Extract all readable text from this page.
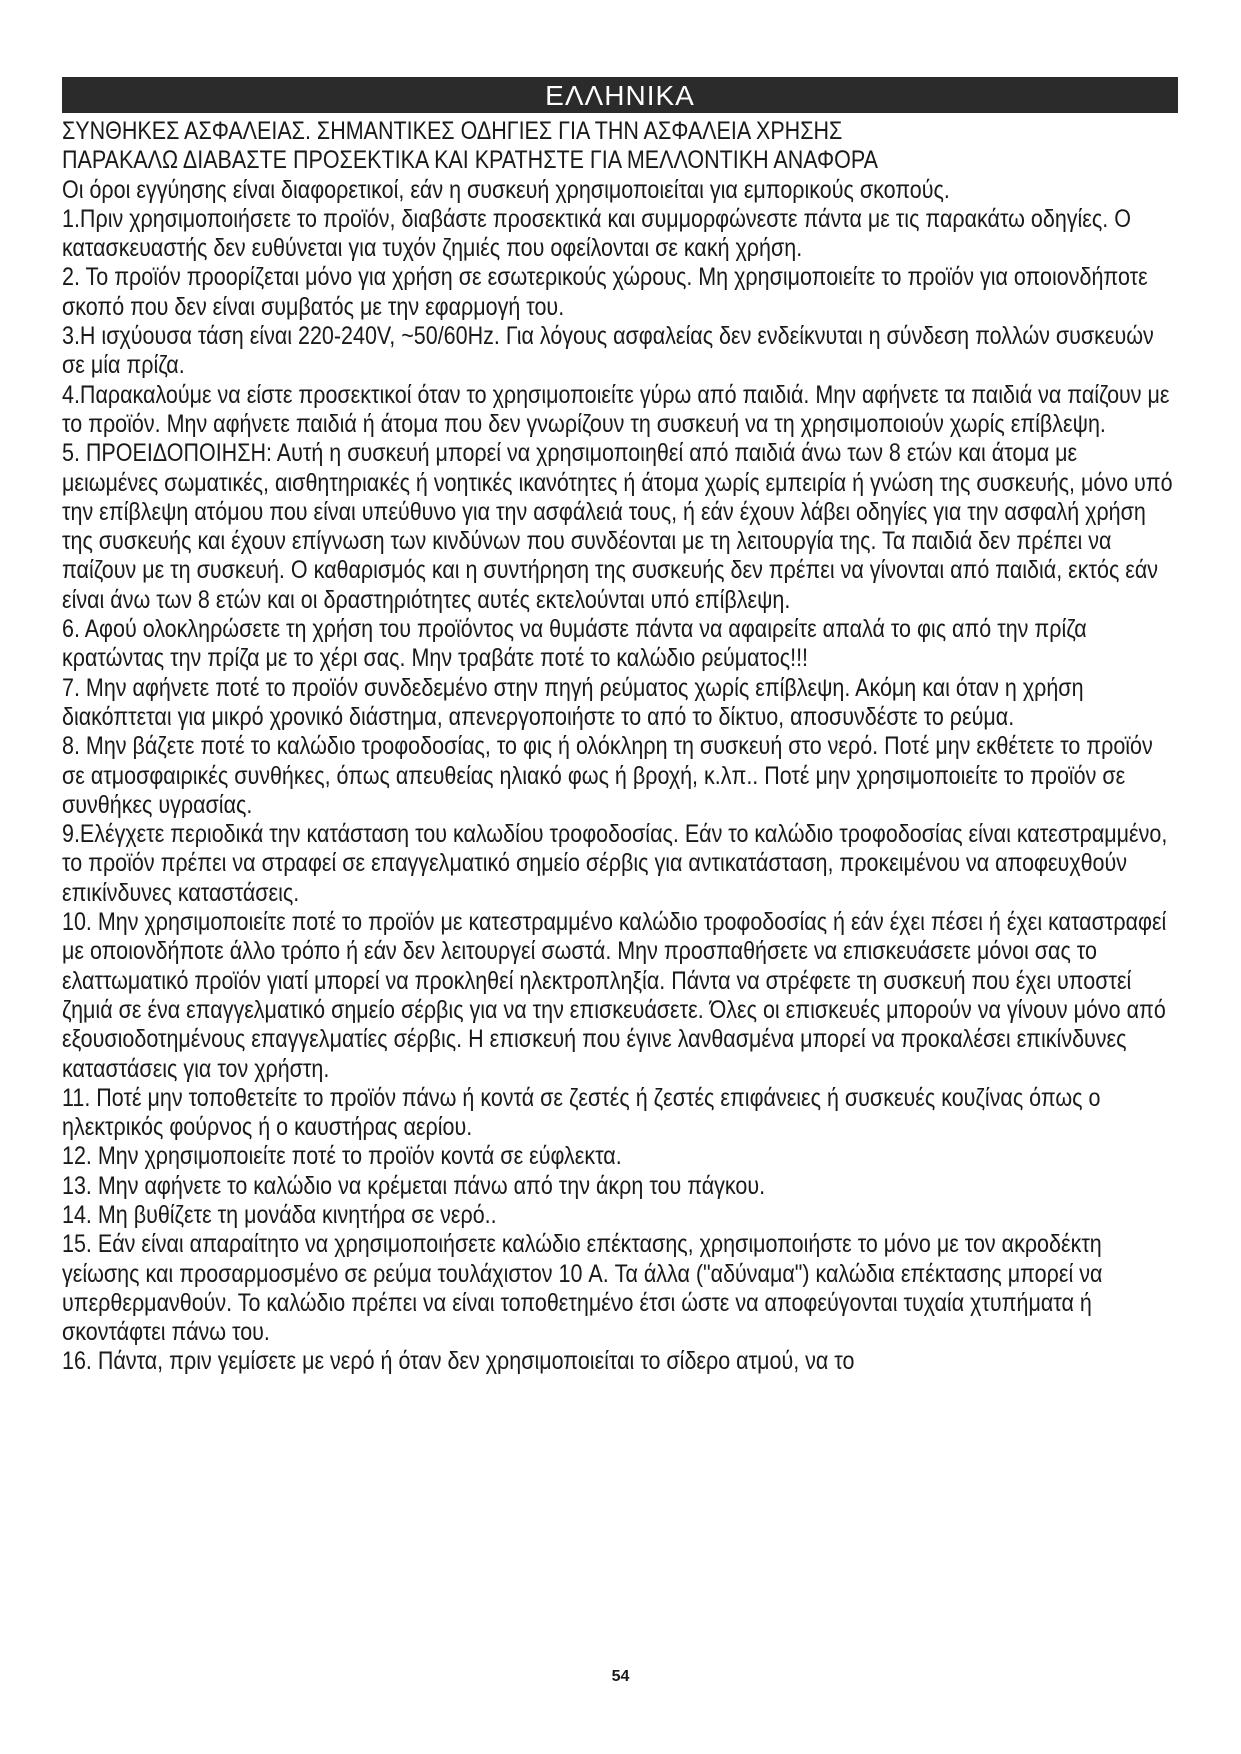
ΕΛΛΗΝΙΚΑ

ΣΥΝΘΗΚΕΣ ΑΣΦΑΛΕΙΑΣ. ΣΗΜΑΝΤΙΚΕΣ ΟΔΗΓΙΕΣ ΓΙΑ ΤΗΝ ΑΣΦΑΛΕΙΑ ΧΡΗΣΗΣ

ΠΑΡΑΚΑΛΩ ΔΙΑΒΑΣΤΕ ΠΡΟΣΕΚΤΙΚΑ ΚΑΙ ΚΡΑΤΗΣΤΕ ΓΙΑ ΜΕΛΛΟΝΤΙΚΗ ΑΝΑΦΟΡΑ

Οι όροι εγγύησης είναι διαφορετικοί, εάν η συσκευή χρησιμοποιείται για εμπορικούς σκοπούς.

1.Πριν χρησιμοποιήσετε το προϊόν, διαβάστε προσεκτικά και συμμορφώνεστε πάντα με τις παρακάτω οδηγίες. Ο κατασκευαστής δεν ευθύνεται για τυχόν ζημιές που οφείλονται σε κακή χρήση.

2. Το προϊόν προορίζεται μόνο για χρήση σε εσωτερικούς χώρους. Μη χρησιμοποιείτε το προϊόν για οποιονδήποτε σκοπό που δεν είναι συμβατός με την εφαρμογή του.

3.Η ισχύουσα τάση είναι 220-240V, ~50/60Hz. Για λόγους ασφαλείας δεν ενδείκνυται η σύνδεση πολλών συσκευών σε μία πρίζα.

4.Παρακαλούμε να είστε προσεκτικοί όταν το χρησιμοποιείτε γύρω από παιδιά. Μην αφήνετε τα παιδιά να παίζουν με το προϊόν. Μην αφήνετε παιδιά ή άτομα που δεν γνωρίζουν τη συσκευή να τη χρησιμοποιούν χωρίς επίβλεψη.

5. ΠΡΟΕΙΔΟΠΟΙΗΣΗ: Αυτή η συσκευή μπορεί να χρησιμοποιηθεί από παιδιά άνω των 8 ετών και άτομα με μειωμένες σωματικές, αισθητηριακές ή νοητικές ικανότητες ή άτομα χωρίς εμπειρία ή γνώση της συσκευής, μόνο υπό την επίβλεψη ατόμου που είναι υπεύθυνο για την ασφάλειά τους, ή εάν έχουν λάβει οδηγίες για την ασφαλή χρήση της συσκευής και έχουν επίγνωση των κινδύνων που συνδέονται με τη λειτουργία της. Τα παιδιά δεν πρέπει να παίζουν με τη συσκευή. Ο καθαρισμός και η συντήρηση της συσκευής δεν πρέπει να γίνονται από παιδιά, εκτός εάν είναι άνω των 8 ετών και οι δραστηριότητες αυτές εκτελούνται υπό επίβλεψη.

6. Αφού ολοκληρώσετε τη χρήση του προϊόντος να θυμάστε πάντα να αφαιρείτε απαλά το φις από την πρίζα κρατώντας την πρίζα με το χέρι σας. Μην τραβάτε ποτέ το καλώδιο ρεύματος!!!

7. Μην αφήνετε ποτέ το προϊόν συνδεδεμένο στην πηγή ρεύματος χωρίς επίβλεψη. Ακόμη και όταν η χρήση διακόπτεται για μικρό χρονικό διάστημα, απενεργοποιήστε το από το δίκτυο, αποσυνδέστε το ρεύμα.

8. Μην βάζετε ποτέ το καλώδιο τροφοδοσίας, το φις ή ολόκληρη τη συσκευή στο νερό. Ποτέ μην εκθέτετε το προϊόν σε ατμοσφαιρικές συνθήκες, όπως απευθείας ηλιακό φως ή βροχή, κ.λπ.. Ποτέ μην χρησιμοποιείτε το προϊόν σε συνθήκες υγρασίας.

9.Ελέγχετε περιοδικά την κατάσταση του καλωδίου τροφοδοσίας. Εάν το καλώδιο τροφοδοσίας είναι κατεστραμμένο, το προϊόν πρέπει να στραφεί σε επαγγελματικό σημείο σέρβις για αντικατάσταση, προκειμένου να αποφευχθούν επικίνδυνες καταστάσεις.

10. Μην χρησιμοποιείτε ποτέ το προϊόν με κατεστραμμένο καλώδιο τροφοδοσίας ή εάν έχει πέσει ή έχει καταστραφεί με οποιονδήποτε άλλο τρόπο ή εάν δεν λειτουργεί σωστά. Μην προσπαθήσετε να επισκευάσετε μόνοι σας το ελαττωματικό προϊόν γιατί μπορεί να προκληθεί ηλεκτροπληξία. Πάντα να στρέφετε τη συσκευή που έχει υποστεί ζημιά σε ένα επαγγελματικό σημείο σέρβις για να την επισκευάσετε. Όλες οι επισκευές μπορούν να γίνουν μόνο από εξουσιοδοτημένους επαγγελματίες σέρβις. Η επισκευή που έγινε λανθασμένα μπορεί να προκαλέσει επικίνδυνες καταστάσεις για τον χρήστη.

11. Ποτέ μην τοποθετείτε το προϊόν πάνω ή κοντά σε ζεστές ή ζεστές επιφάνειες ή συσκευές κουζίνας όπως ο ηλεκτρικός φούρνος ή ο καυστήρας αερίου.

12. Μην χρησιμοποιείτε ποτέ το προϊόν κοντά σε εύφλεκτα.

13. Μην αφήνετε το καλώδιο να κρέμεται πάνω από την άκρη του πάγκου.

14. Μη βυθίζετε τη μονάδα κινητήρα σε νερό..

15. Εάν είναι απαραίτητο να χρησιμοποιήσετε καλώδιο επέκτασης, χρησιμοποιήστε το μόνο με τον ακροδέκτη γείωσης και προσαρμοσμένο σε ρεύμα τουλάχιστον 10 A. Τα άλλα ("αδύναμα") καλώδια επέκτασης μπορεί να υπερθερμανθούν. Το καλώδιο πρέπει να είναι τοποθετημένο έτσι ώστε να αποφεύγονται τυχαία χτυπήματα ή σκοντάφτει πάνω του.

16. Πάντα, πριν γεμίσετε με νερό ή όταν δεν χρησιμοποιείται το σίδερο ατμού, να το

54
